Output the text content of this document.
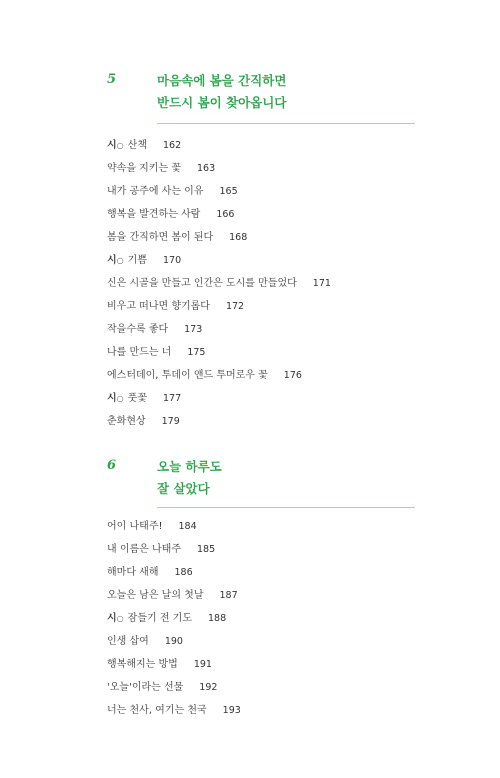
5	마음속에 봄을 간직하면
반드시 봄이 찾아옵니다
시○ 산책 162
약속을 지키는 꽃 163
내가 공주에 사는 이유 165
행복을 발견하는 사람 166
봄을 간직하면 봄이 된다 168
시○ 기쁨 170
신은 시골을 만들고 인간은 도시를 만들었다 171
비우고 떠나면 향기롭다 172
작을수록 좋다 173
나를 만드는 너 175
에스터데이, 투데이 앤드 투머로우 꽃 176
시○ 풋꽃 177
춘화현상 179
6	오늘 하루도
잘 살았다
어이 나태주! 184
내 이름은 나태주 185
해마다 새해 186
오늘은 남은 날의 첫날 187
시○ 잠들기 전 기도 188
인생 삽여 190
행복해지는 방법 191
'오늘'이라는 선물 192
너는 천사, 여기는 천국 193
